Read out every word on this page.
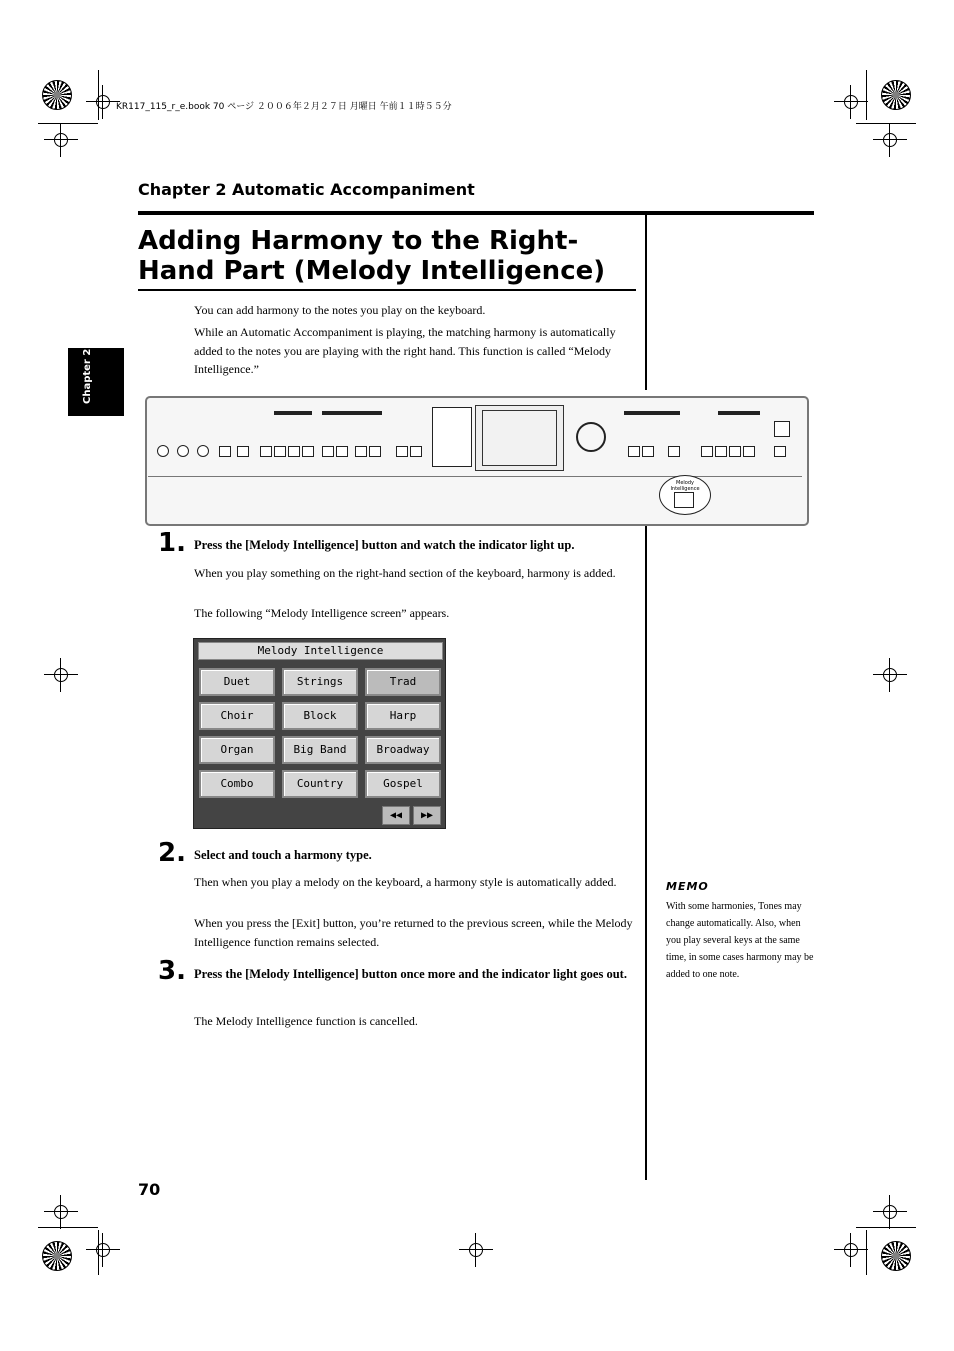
KR117_115_r_e.book 70 ページ ２００６年２月２７日 月曜日 午前１１時５５分
Chapter 2 Automatic Accompaniment
Chapter 2
Adding Harmony to the Right-Hand Part (Melody Intelligence)
You can add harmony to the notes you play on the keyboard.
While an Automatic Accompaniment is playing, the matching harmony is automatically added to the notes you are playing with the right hand. This function is called “Melody Intelligence.”
Melody Intelligence
1. Press the [Melody Intelligence] button and watch the indicator light up.
When you play something on the right-hand section of the keyboard, harmony is added.
The following “Melody Intelligence screen” appears.
Melody Intelligence
Duet	Strings	Trad
Choir	Block	Harp
Organ	Big Band	Broadway
Combo	Country	Gospel
◀◀	▶▶
2. Select and touch a harmony type.
Then when you play a melody on the keyboard, a harmony style is automatically added.
When you press the [Exit] button, you’re returned to the previous screen, while the Melody Intelligence function remains selected.
3. Press the [Melody Intelligence] button once more and the indicator light goes out.
The Melody Intelligence function is cancelled.
MEMO
With some harmonies, Tones may change automatically. Also, when you play several keys at the same time, in some cases harmony may be added to one note.
70
